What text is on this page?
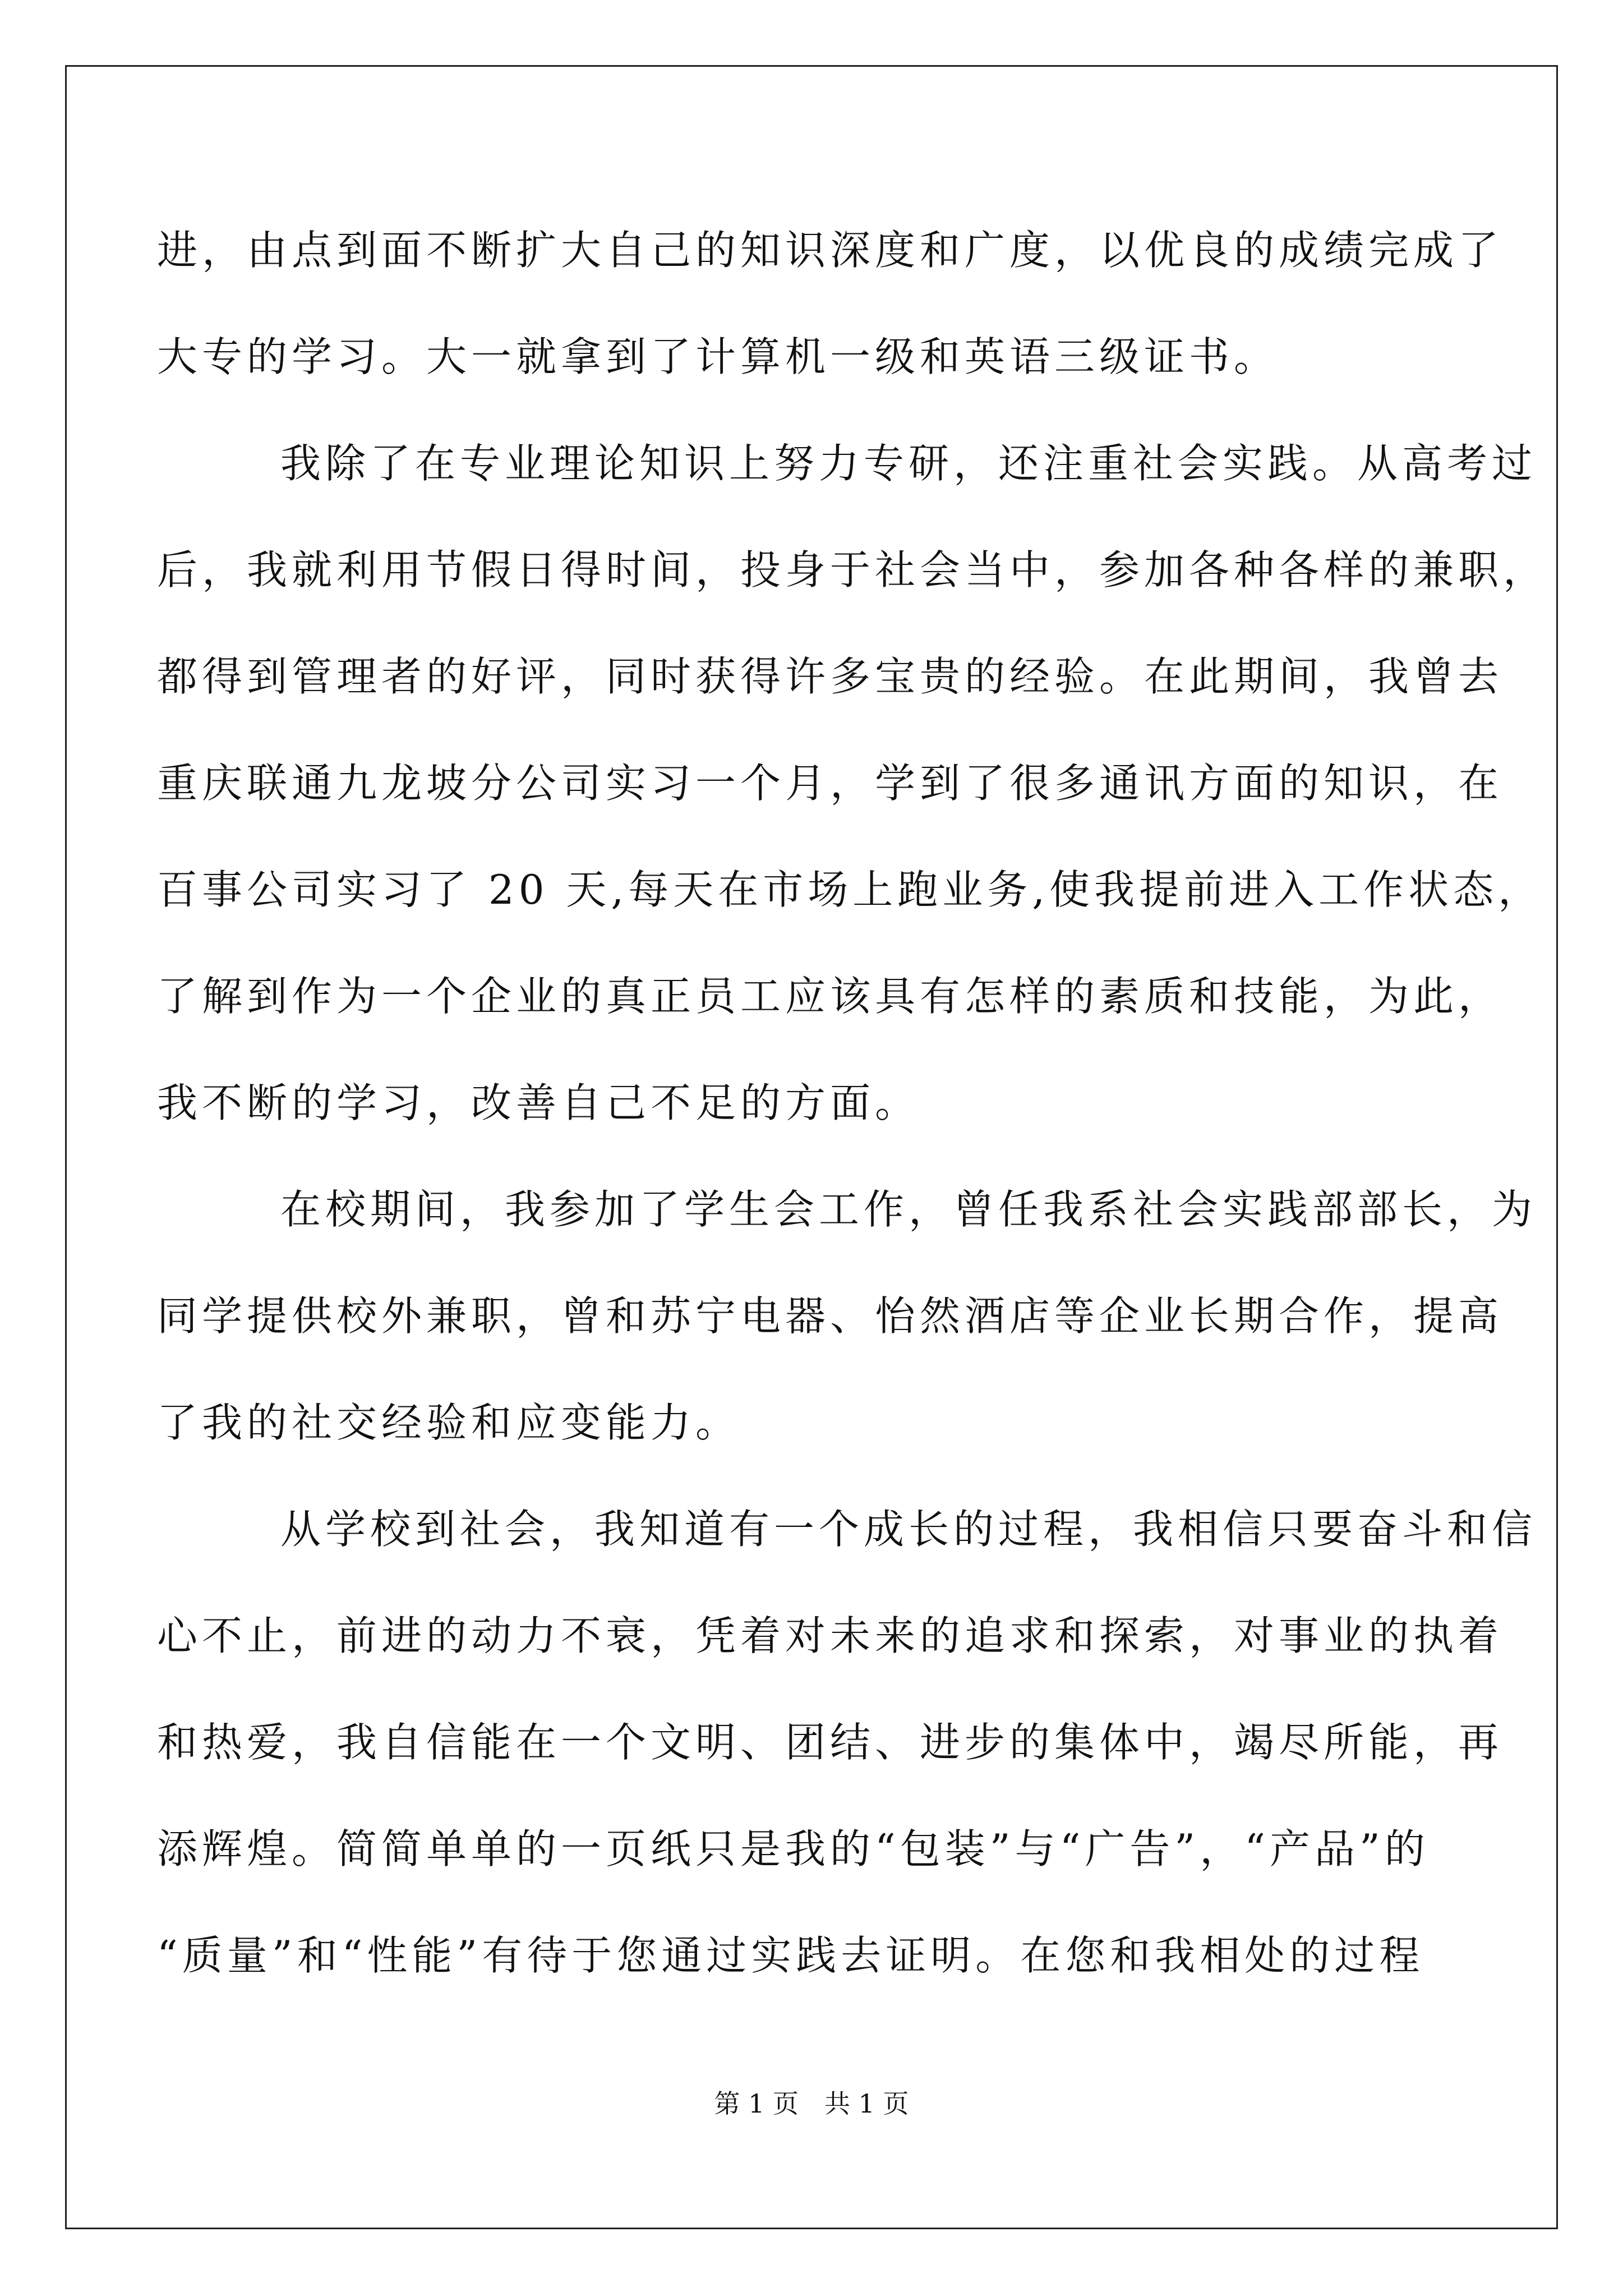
进，由点到面不断扩大自己的知识深度和广度，以优良的成绩完成了
大专的学习。大一就拿到了计算机一级和英语三级证书。
我除了在专业理论知识上努力专研，还注重社会实践。从高考过
后，我就利用节假日得时间，投身于社会当中，参加各种各样的兼职，
都得到管理者的好评，同时获得许多宝贵的经验。在此期间，我曾去
重庆联通九龙坡分公司实习一个月，学到了很多通讯方面的知识，在
百事公司实习了 20 天,每天在市场上跑业务,使我提前进入工作状态，
了解到作为一个企业的真正员工应该具有怎样的素质和技能，为此，
我不断的学习，改善自己不足的方面。
在校期间，我参加了学生会工作，曾任我系社会实践部部长，为
同学提供校外兼职，曾和苏宁电器、怡然酒店等企业长期合作，提高
了我的社交经验和应变能力。
从学校到社会，我知道有一个成长的过程，我相信只要奋斗和信
心不止，前进的动力不衰，凭着对未来的追求和探索，对事业的执着
和热爱，我自信能在一个文明、团结、进步的集体中，竭尽所能，再
添辉煌。简简单单的一页纸只是我的“包装”与“广告”，“产品”的
“质量”和“性能”有待于您通过实践去证明。在您和我相处的过程
第 1 页　共 1 页
